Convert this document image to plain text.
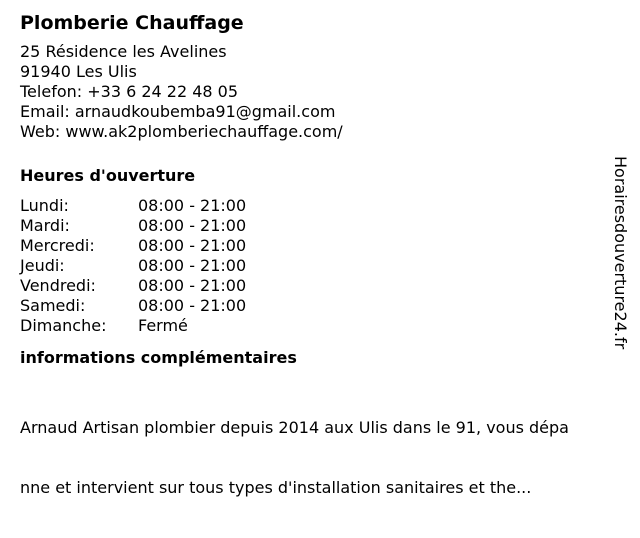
Plomberie Chauffage
25 Résidence les Avelines
91940 Les Ulis
Telefon: +33 6 24 22 48 05
Email: arnaudkoubemba91@gmail.com
Web: www.ak2plomberiechauffage.com/
Heures d'ouverture
Lundi:	08:00 - 21:00
Mardi:	08:00 - 21:00
Mercredi:	08:00 - 21:00
Jeudi:	08:00 - 21:00
Vendredi:	08:00 - 21:00
Samedi:	08:00 - 21:00
Dimanche:	Fermé
informations complémentaires

Arnaud Artisan plombier depuis 2014 aux Ulis dans le 91, vous dépa

nne et intervient sur tous types d'installation sanitaires et the...

Horairesdouverture24.fr
